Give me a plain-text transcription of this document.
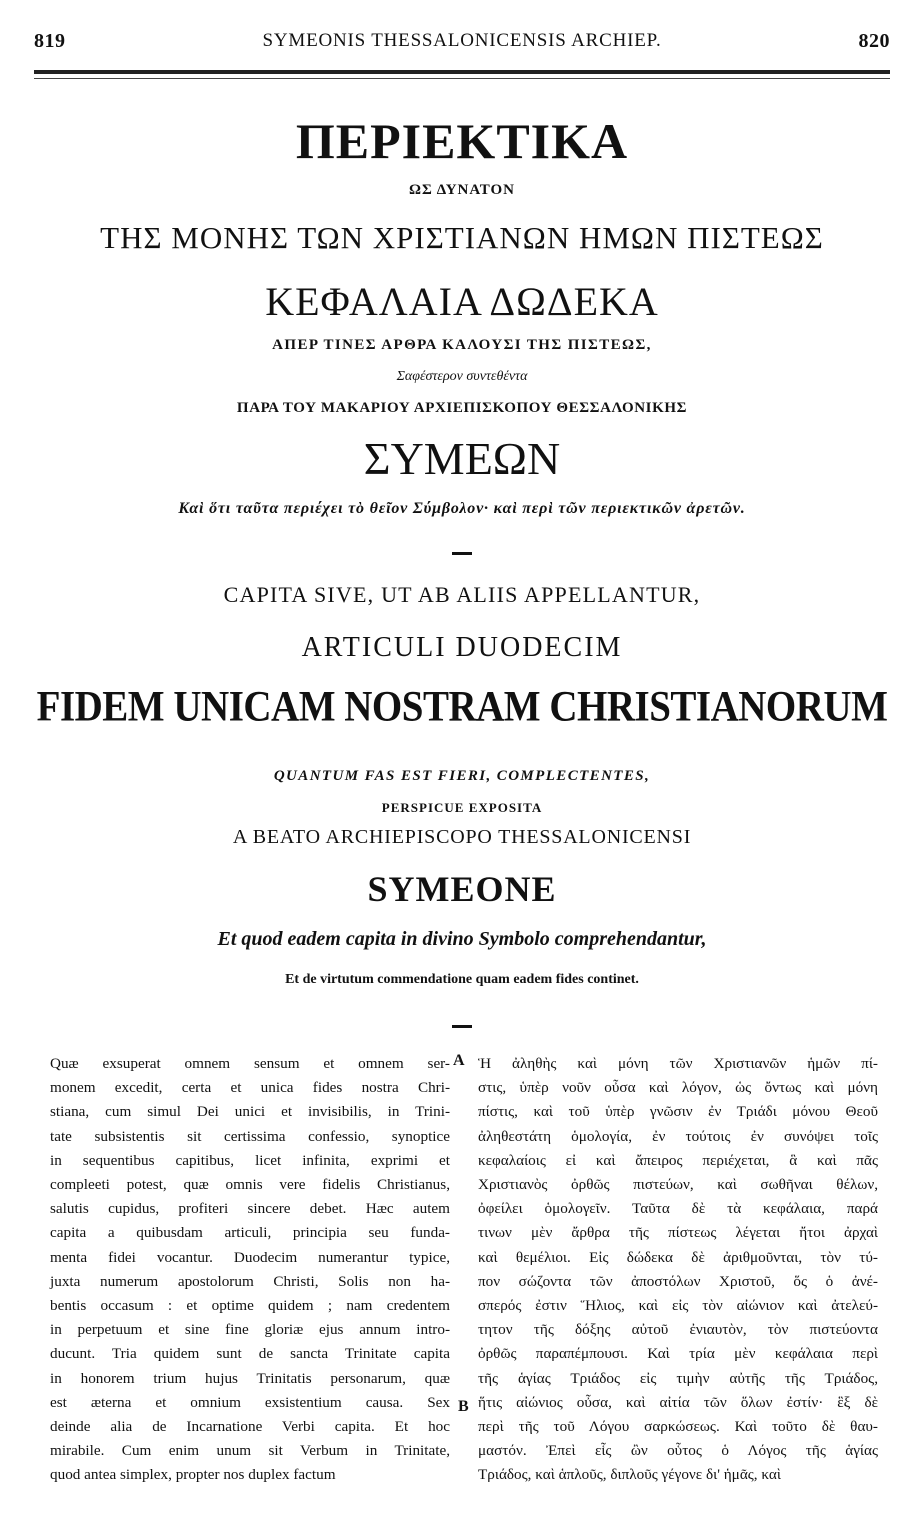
819	SYMEONIS THESSALONICENSIS ARCHIEP.	820
ΠΕΡΙΕΚΤΙΚΑ
ΩΣ ΔΥΝΑΤΟΝ
ΤΗΣ ΜΟΝΗΣ ΤΩΝ ΧΡΙΣΤΙΑΝΩΝ ΗΜΩΝ ΠΙΣΤΕΩΣ
ΚΕΦΑΛΑΙΑ ΔΩΔΕΚΑ
ΑΠΕΡ ΤΙΝΕΣ ΑΡΘΡΑ ΚΑΛΟΥΣΙ ΤΗΣ ΠΙΣΤΕΩΣ,
Σαφέστερον συντεθέντα
ΠΑΡΑ ΤΟΥ ΜΑΚΑΡΙΟΥ ΑΡΧΙΕΠΙΣΚΟΠΟΥ ΘΕΣΣΑΛΟΝΙΚΗΣ
ΣΥΜΕΩΝ
Καὶ ὅτι ταῦτα περιέχει τὸ θεῖον Σύμβολον· καὶ περὶ τῶν περιεκτικῶν ἀρετῶν.
CAPITA SIVE, UT AB ALIIS APPELLANTUR,
ARTICULI DUODECIM
FIDEM UNICAM NOSTRAM CHRISTIANORUM
QUANTUM FAS EST FIERI, COMPLECTENTES,
PERSPICUE EXPOSITA
A BEATO ARCHIEPISCOPO THESSALONICENSI
SYMEONE
Et quod eadem capita in divino Symbolo comprehendantur,
Et de virtutum commendatione quam eadem fides continet.
Quæ exsuperat omnem sensum et omnem ser-
monem excedit, certa et unica fides nostra Chri-
stiana, cum simul Dei unici et invisibilis, in Trini-
tate subsistentis sit certissima confessio, synoptice
in sequentibus capitibus, licet infinita, exprimi et
compleeti potest, quæ omnis vere fidelis Christianus,
salutis cupidus, profiteri sincere debet. Hæc autem
capita a quibusdam articuli, principia seu funda-
menta fidei vocantur. Duodecim numerantur typice,
juxta numerum apostolorum Christi, Solis non ha-
bentis occasum : et optime quidem ; nam credentem
in perpetuum et sine fine gloriæ ejus annum intro-
ducunt. Tria quidem sunt de sancta Trinitate capita
in honorem trium hujus Trinitatis personarum, quæ
est æterna et omnium exsistentium causa. Sex
deinde alia de Incarnatione Verbi capita. Et hoc
mirabile. Cum enim unum sit Verbum in Trinitate,
quod antea simplex, propter nos duplex factum
A
B
Ἡ ἀληθὴς καὶ μόνη τῶν Χριστιανῶν ἡμῶν πί-
στις, ὑπὲρ νοῦν οὖσα καὶ λόγον, ὡς ὄντως καὶ μόνη
πίστις, καὶ τοῦ ὑπὲρ γνῶσιν ἐν Τριάδι μόνου Θεοῦ
ἀληθεστάτη ὁμολογία, ἐν τούτοις ἐν συνόψει τοῖς
κεφαλαίοις εἰ καὶ ἄπειρος περιέχεται, ἃ καὶ πᾶς
Χριστιανὸς ὀρθῶς πιστεύων, καὶ σωθῆναι θέλων,
ὀφείλει ὁμολογεῖν. Ταῦτα δὲ τὰ κεφάλαια, παρά
τινων μὲν ἄρθρα τῆς πίστεως λέγεται ἤτοι ἀρχαὶ
καὶ θεμέλιοι. Εἰς δώδεκα δὲ ἀριθμοῦνται, τὸν τύ-
πον σώζοντα τῶν ἀποστόλων Χριστοῦ, ὅς ὁ ἀνέ-
σπερός ἐστιν Ἥλιος, καὶ εἰς τὸν αἰώνιον καὶ ἀτελεύ-
τητον τῆς δόξης αὐτοῦ ἐνιαυτὸν, τὸν πιστεύοντα
ὀρθῶς παραπέμπουσι. Καὶ τρία μὲν κεφάλαια περὶ
τῆς ἁγίας Τριάδος εἰς τιμὴν αὐτῆς τῆς Τριάδος,
ἥτις αἰώνιος οὖσα, καὶ αἰτία τῶν ὅλων ἐστίν· ἓξ δὲ
περὶ τῆς τοῦ Λόγου σαρκώσεως. Καὶ τοῦτο δὲ θαυ-
μαστόν. Ἐπεὶ εἷς ὢν οὗτος ὁ Λόγος τῆς ἁγίας
Τριάδος, καὶ ἁπλοῦς, διπλοῦς γέγονε δι' ἡμᾶς, καὶ
